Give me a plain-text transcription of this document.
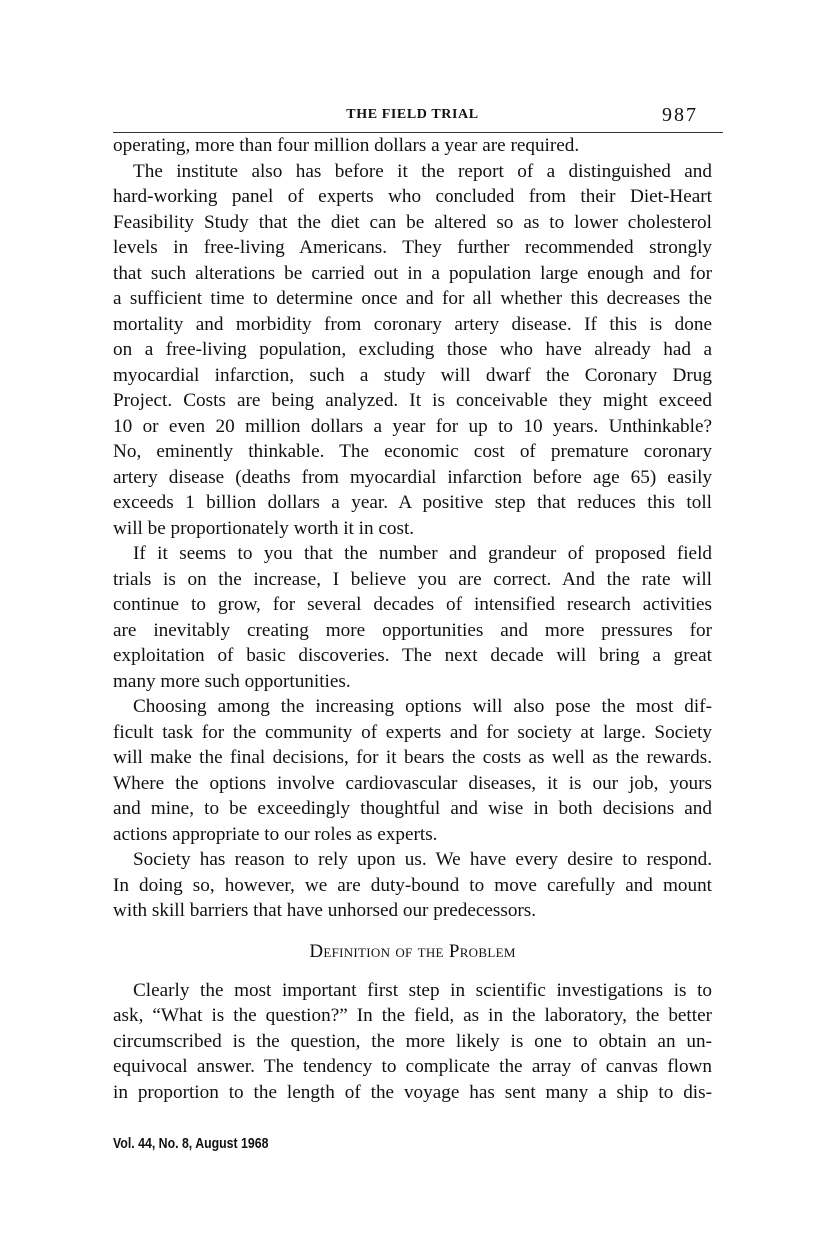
THE FIELD TRIAL	987
operating, more than four million dollars a year are required.
The institute also has before it the report of a distinguished and
hard-working panel of experts who concluded from their Diet-Heart
Feasibility Study that the diet can be altered so as to lower cholesterol
levels in free-living Americans. They further recommended strongly
that such alterations be carried out in a population large enough and for
a sufficient time to determine once and for all whether this decreases the
mortality and morbidity from coronary artery disease. If this is done
on a free-living population, excluding those who have already had a
myocardial infarction, such a study will dwarf the Coronary Drug
Project. Costs are being analyzed. It is conceivable they might exceed
10 or even 20 million dollars a year for up to 10 years. Unthinkable?
No, eminently thinkable. The economic cost of premature coronary
artery disease (deaths from myocardial infarction before age 65) easily
exceeds 1 billion dollars a year. A positive step that reduces this toll
will be proportionately worth it in cost.
If it seems to you that the number and grandeur of proposed field
trials is on the increase, I believe you are correct. And the rate will
continue to grow, for several decades of intensified research activities
are inevitably creating more opportunities and more pressures for
exploitation of basic discoveries. The next decade will bring a great
many more such opportunities.
Choosing among the increasing options will also pose the most dif-
ficult task for the community of experts and for society at large. Society
will make the final decisions, for it bears the costs as well as the rewards.
Where the options involve cardiovascular diseases, it is our job, yours
and mine, to be exceedingly thoughtful and wise in both decisions and
actions appropriate to our roles as experts.
Society has reason to rely upon us. We have every desire to respond.
In doing so, however, we are duty-bound to move carefully and mount
with skill barriers that have unhorsed our predecessors.
Definition of the Problem
Clearly the most important first step in scientific investigations is to
ask, “What is the question?” In the field, as in the laboratory, the better
circumscribed is the question, the more likely is one to obtain an un-
equivocal answer. The tendency to complicate the array of canvas flown
in proportion to the length of the voyage has sent many a ship to dis-
Vol. 44, No. 8, August 1968
